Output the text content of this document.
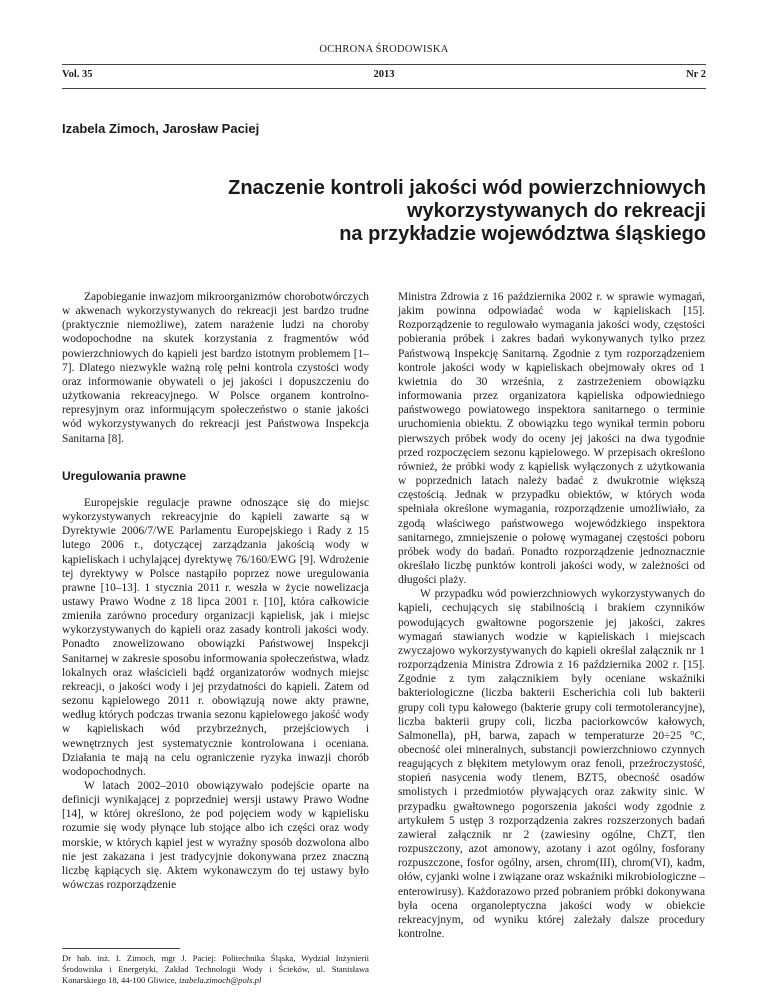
OCHRONA ŚRODOWISKA
Vol. 35	2013	Nr 2
Izabela Zimoch, Jarosław Paciej
Znaczenie kontroli jakości wód powierzchniowych
wykorzystywanych do rekreacji
na przykładzie województwa śląskiego

Zapobieganie inwazjom mikroorganizmów chorobotwórczych w akwenach wykorzystywanych do rekreacji jest bardzo trudne (praktycznie niemożliwe), zatem narażenie ludzi na choroby wodopochodne na skutek korzystania z fragmentów wód powierzchniowych do kąpieli jest bardzo istotnym problemem [1–7]. Dlatego niezwykle ważną rolę pełni kontrola czystości wody oraz informowanie obywateli o jej jakości i dopuszczeniu do użytkowania rekreacyjnego. W Polsce organem kontrolno-represyjnym oraz informującym społeczeństwo o stanie jakości wód wykorzystywanych do rekreacji jest Państwowa Inspekcja Sanitarna [8].

Uregulowania prawne

Europejskie regulacje prawne odnoszące się do miejsc wykorzystywanych rekreacyjnie do kąpieli zawarte są w Dyrektywie 2006/7/WE Parlamentu Europejskiego i Rady z 15 lutego 2006 r., dotyczącej zarządzania jakością wody w kąpieliskach i uchylającej dyrektywę 76/160/EWG [9]. Wdrożenie tej dyrektywy w Polsce nastąpiło poprzez nowe uregulowania prawne [10–13]. 1 stycznia 2011 r. weszła w życie nowelizacja ustawy Prawo Wodne z 18 lipca 2001 r. [10], która całkowicie zmieniła zarówno procedury organizacji kąpielisk, jak i miejsc wykorzystywanych do kąpieli oraz zasady kontroli jakości wody. Ponadto znowelizowano obowiązki Państwowej Inspekcji Sanitarnej w zakresie sposobu informowania społeczeństwa, władz lokalnych oraz właścicieli bądź organizatorów wodnych miejsc rekreacji, o jakości wody i jej przydatności do kąpieli. Zatem od sezonu kąpielowego 2011 r. obowiązują nowe akty prawne, według których podczas trwania sezonu kąpielowego jakość wody w kąpieliskach wód przybrzeżnych, przejściowych i wewnętrznych jest systematycznie kontrolowana i oceniana. Działania te mają na celu ograniczenie ryzyka inwazji chorób wodopochodnych.

W latach 2002–2010 obowiązywało podejście oparte na definicji wynikającej z poprzedniej wersji ustawy Prawo Wodne [14], w której określono, że pod pojęciem wody w kąpielisku rozumie się wody płynące lub stojące albo ich części oraz wody morskie, w których kąpiel jest w wyraźny sposób dozwolona albo nie jest zakazana i jest tradycyjnie dokonywana przez znaczną liczbę kąpiących się. Aktem wykonawczym do tej ustawy było wówczas rozporządzenie

Ministra Zdrowia z 16 października 2002 r. w sprawie wymagań, jakim powinna odpowiadać woda w kąpieliskach [15]. Rozporządzenie to regulowało wymagania jakości wody, częstości pobierania próbek i zakres badań wykonywanych tylko przez Państwową Inspekcję Sanitarną. Zgodnie z tym rozporządzeniem kontrole jakości wody w kąpieliskach obejmowały okres od 1 kwietnia do 30 września, z zastrzeżeniem obowiązku informowania przez organizatora kąpieliska odpowiedniego państwowego powiatowego inspektora sanitarnego o terminie uruchomienia obiektu. Z obowiązku tego wynikał termin poboru pierwszych próbek wody do oceny jej jakości na dwa tygodnie przed rozpoczęciem sezonu kąpielowego. W przepisach określono również, że próbki wody z kąpielisk wyłączonych z użytkowania w poprzednich latach należy badać z dwukrotnie większą częstością. Jednak w przypadku obiektów, w których woda spełniała określone wymagania, rozporządzenie umożliwiało, za zgodą właściwego państwowego wojewódzkiego inspektora sanitarnego, zmniejszenie o połowę wymaganej częstości poboru próbek wody do badań. Ponadto rozporządzenie jednoznacznie określało liczbę punktów kontroli jakości wody, w zależności od długości plaży.

W przypadku wód powierzchniowych wykorzystywanych do kąpieli, cechujących się stabilnością i brakiem czynników powodujących gwałtowne pogorszenie jej jakości, zakres wymagań stawianych wodzie w kąpieliskach i miejscach zwyczajowo wykorzystywanych do kąpieli określał załącznik nr 1 rozporządzenia Ministra Zdrowia z 16 października 2002 r. [15]. Zgodnie z tym załącznikiem były oceniane wskaźniki bakteriologiczne (liczba bakterii Escherichia coli lub bakterii grupy coli typu kałowego (bakterie grupy coli termotolerancyjne), liczba bakterii grupy coli, liczba paciorkowców kałowych, Salmonella), pH, barwa, zapach w temperaturze 20÷25 °C, obecność olei mineralnych, substancji powierzchniowo czynnych reagujących z błękitem metylowym oraz fenoli, przeźroczystość, stopień nasycenia wody tlenem, BZT5, obecność osadów smolistych i przedmiotów pływających oraz zakwity sinic. W przypadku gwałtownego pogorszenia jakości wody zgodnie z artykułem 5 ustęp 3 rozporządzenia zakres rozszerzonych badań zawierał załącznik nr 2 (zawiesiny ogólne, ChZT, tlen rozpuszczony, azot amonowy, azotany i azot ogólny, fosforany rozpuszczone, fosfor ogólny, arsen, chrom(III), chrom(VI), kadm, ołów, cyjanki wolne i związane oraz wskaźniki mikrobiologiczne – enterowirusy). Każdorazowo przed pobraniem próbki dokonywana była ocena organoleptyczna jakości wody w obiekcie rekreacyjnym, od wyniku której zależały dalsze procedury kontrolne.

Dr hab. inż. I. Zimoch, mgr J. Paciej: Politechnika Śląska, Wydział Inżynierii Środowiska i Energetyki, Zakład Technologii Wody i Ścieków, ul. Stanisława Konarskiego 18, 44-100 Gliwice, izabela.zimoch@pols.pl
